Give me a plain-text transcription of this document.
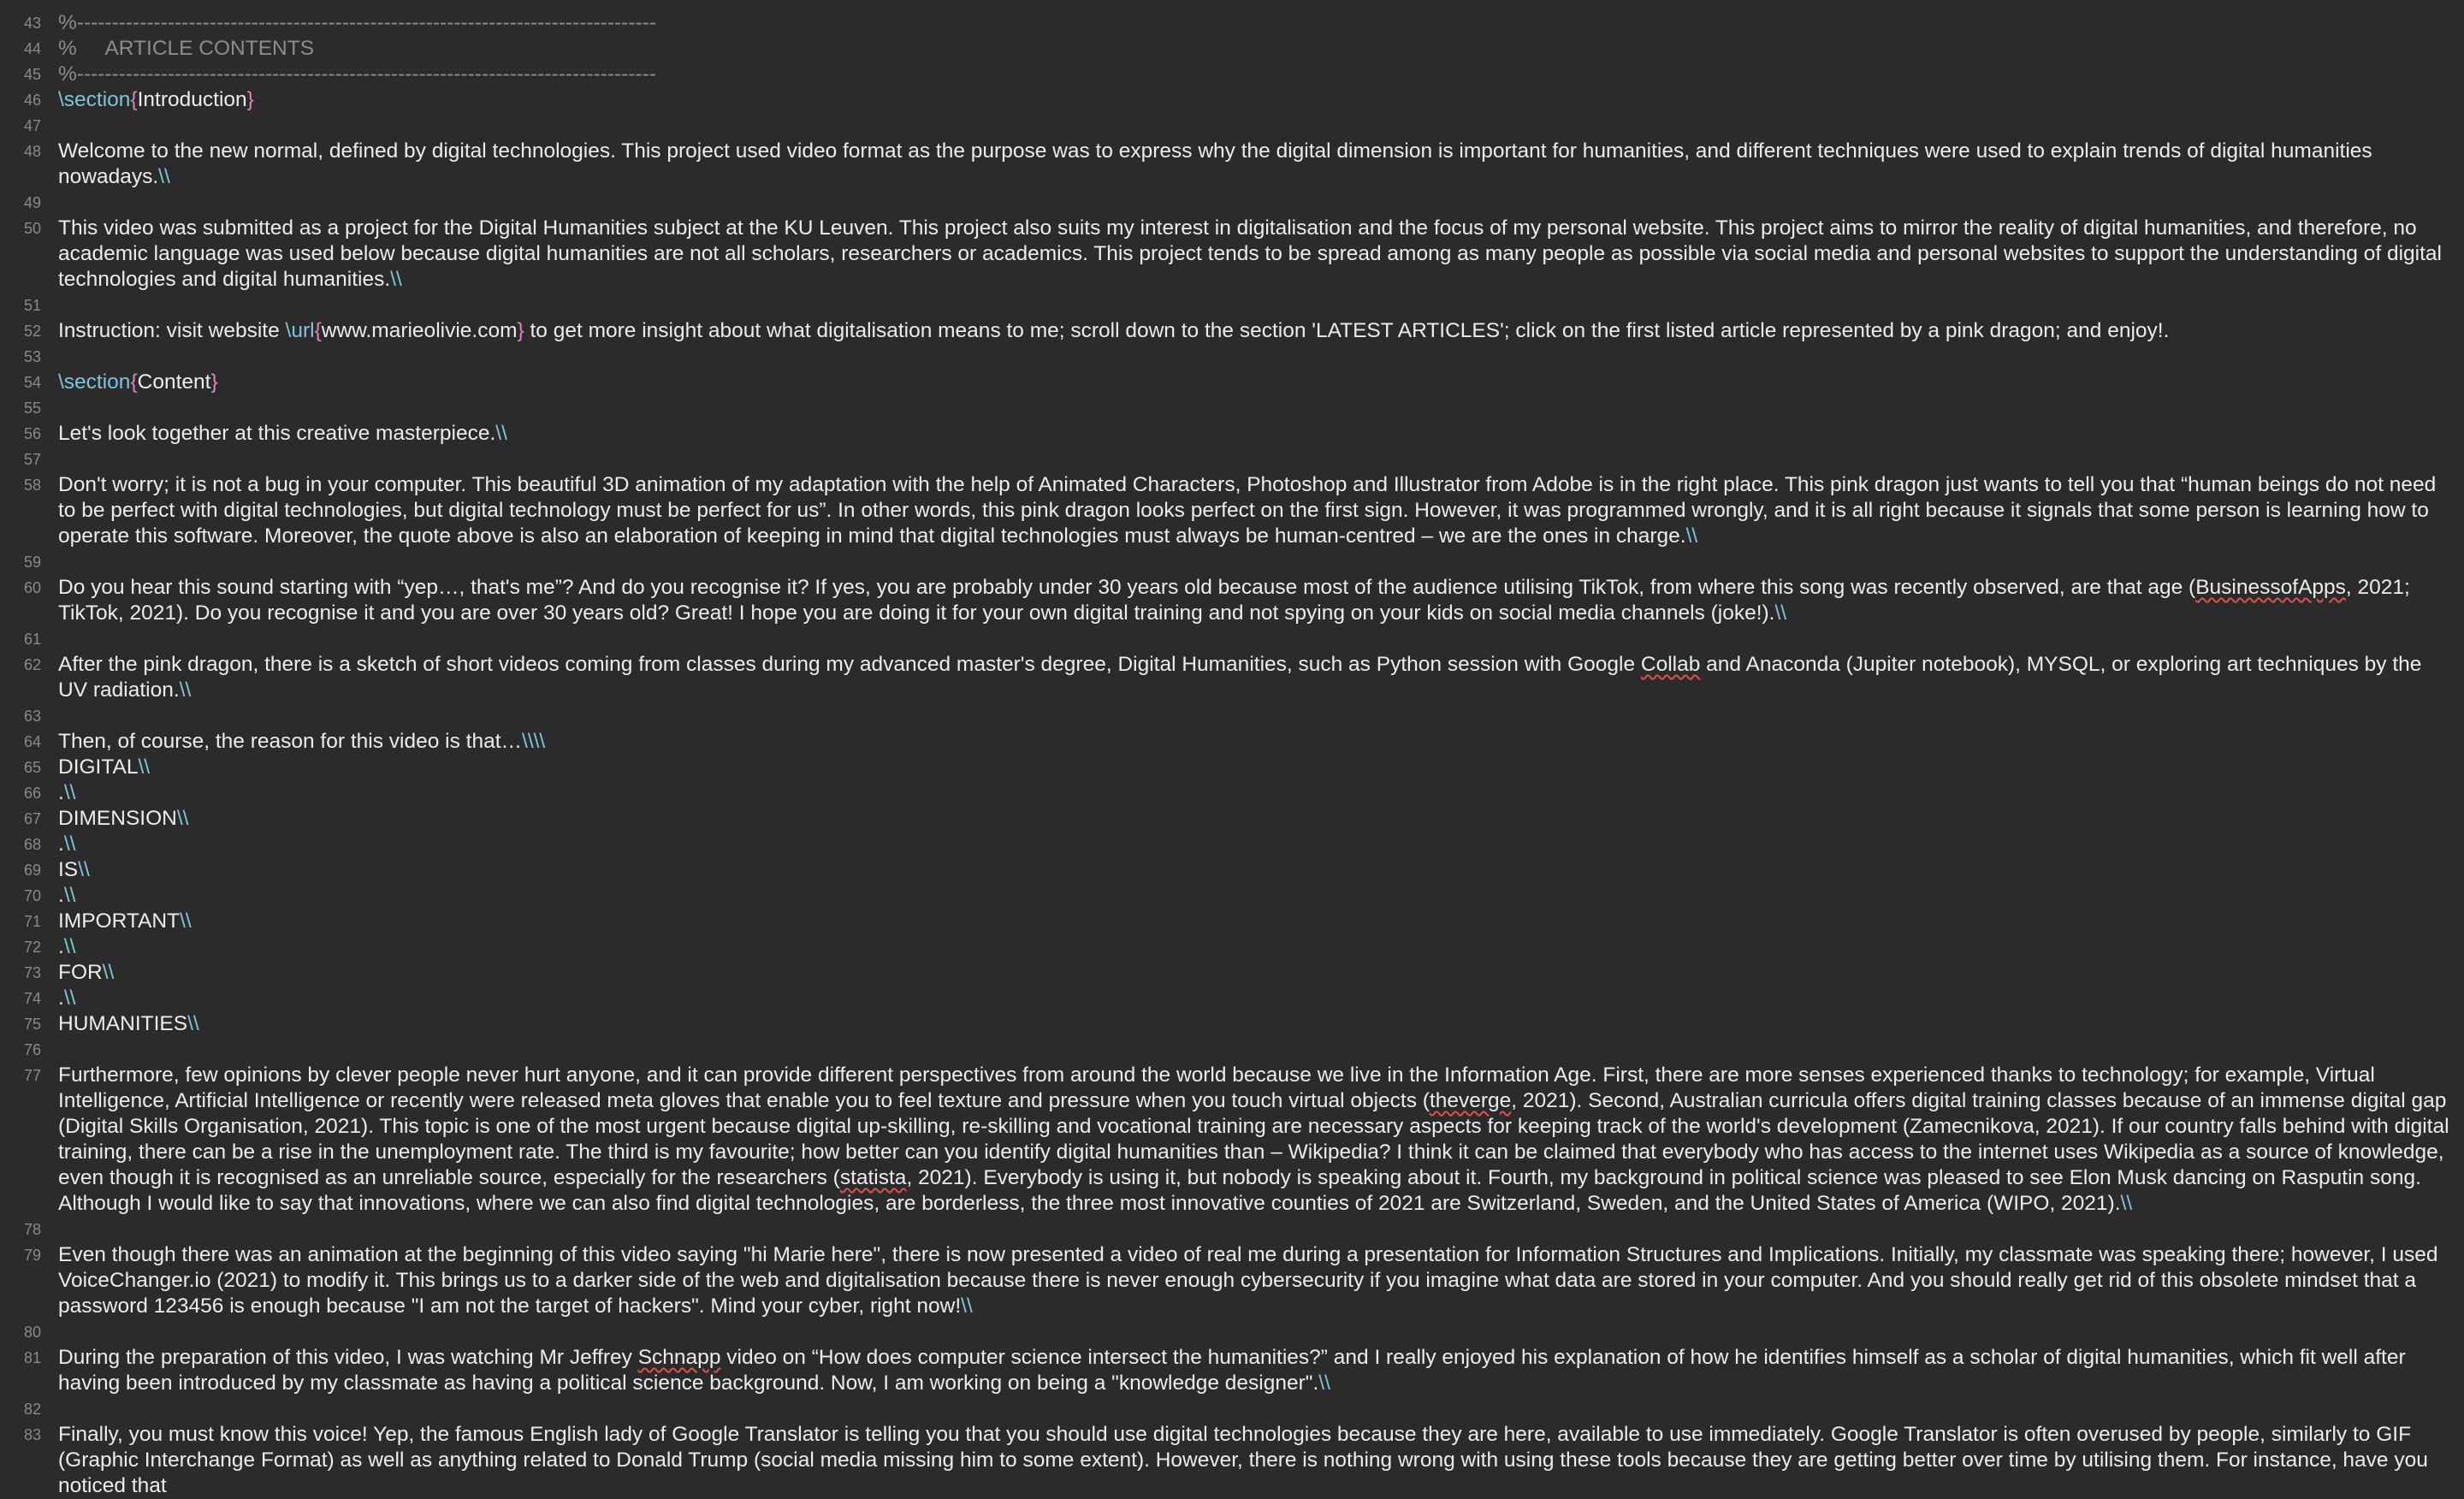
43 %-----------------------------------------------------------------------------------
44 %     ARTICLE CONTENTS
45 %-----------------------------------------------------------------------------------
46 \section{Introduction}
47
48 Welcome to the new normal, defined by digital technologies. This project used video format as the purpose was to express why the digital dimension is important for humanities, and different techniques were used to explain trends of digital humanities nowadays.\\
49
50 This video was submitted as a project for the Digital Humanities subject at the KU Leuven. This project also suits my interest in digitalisation and the focus of my personal website. This project aims to mirror the reality of digital humanities, and therefore, no academic language was used below because digital humanities are not all scholars, researchers or academics. This project tends to be spread among as many people as possible via social media and personal websites to support the understanding of digital technologies and digital humanities.\\
51
52 Instruction: visit website \url{www.marieolivie.com} to get more insight about what digitalisation means to me; scroll down to the section 'LATEST ARTICLES'; click on the first listed article represented by a pink dragon; and enjoy!.
53
54 \section{Content}
55
56 Let's look together at this creative masterpiece.\\
57
58 Don't worry; it is not a bug in your computer. This beautiful 3D animation of my adaptation with the help of Animated Characters, Photoshop and Illustrator from Adobe is in the right place. This pink dragon just wants to tell you that “human beings do not need to be perfect with digital technologies, but digital technology must be perfect for us”. In other words, this pink dragon looks perfect on the first sign. However, it was programmed wrongly, and it is all right because it signals that some person is learning how to operate this software. Moreover, the quote above is also an elaboration of keeping in mind that digital technologies must always be human-centred – we are the ones in charge.\\
59
60 Do you hear this sound starting with “yep…, that's me”? And do you recognise it? If yes, you are probably under 30 years old because most of the audience utilising TikTok, from where this song was recently observed, are that age (BusinessofApps, 2021; TikTok, 2021). Do you recognise it and you are over 30 years old? Great! I hope you are doing it for your own digital training and not spying on your kids on social media channels (joke!).\\
61
62 After the pink dragon, there is a sketch of short videos coming from classes during my advanced master's degree, Digital Humanities, such as Python session with Google Collab and Anaconda (Jupiter notebook), MYSQL, or exploring art techniques by the UV radiation.\\
63
64 Then, of course, the reason for this video is that…\\\\
65 DIGITAL\\
66 .\\
67 DIMENSION\\
68 .\\
69 IS\\
70 .\\
71 IMPORTANT\\
72 .\\
73 FOR\\
74 .\\
75 HUMANITIES\\
76
77 Furthermore, few opinions by clever people never hurt anyone, and it can provide different perspectives from around the world because we live in the Information Age. First, there are more senses experienced thanks to technology; for example, Virtual Intelligence, Artificial Intelligence or recently were released meta gloves that enable you to feel texture and pressure when you touch virtual objects (theverge, 2021). Second, Australian curricula offers digital training classes because of an immense digital gap (Digital Skills Organisation, 2021). This topic is one of the most urgent because digital up-skilling, re-skilling and vocational training are necessary aspects for keeping track of the world's development (Zamecnikova, 2021). If our country falls behind with digital training, there can be a rise in the unemployment rate. The third is my favourite; how better can you identify digital humanities than – Wikipedia? I think it can be claimed that everybody who has access to the internet uses Wikipedia as a source of knowledge, even though it is recognised as an unreliable source, especially for the researchers (statista, 2021). Everybody is using it, but nobody is speaking about it. Fourth, my background in political science was pleased to see Elon Musk dancing on Rasputin song. Although I would like to say that innovations, where we can also find digital technologies, are borderless, the three most innovative counties of 2021 are Switzerland, Sweden, and the United States of America (WIPO, 2021).\\
78
79 Even though there was an animation at the beginning of this video saying "hi Marie here", there is now presented a video of real me during a presentation for Information Structures and Implications. Initially, my classmate was speaking there; however, I used VoiceChanger.io (2021) to modify it. This brings us to a darker side of the web and digitalisation because there is never enough cybersecurity if you imagine what data are stored in your computer. And you should really get rid of this obsolete mindset that a password 123456 is enough because "I am not the target of hackers". Mind your cyber, right now!\\
80
81 During the preparation of this video, I was watching Mr Jeffrey Schnapp video on “How does computer science intersect the humanities?” and I really enjoyed his explanation of how he identifies himself as a scholar of digital humanities, which fit well after having been introduced by my classmate as having a political science background. Now, I am working on being a "knowledge designer".\\
82
83 Finally, you must know this voice! Yep, the famous English lady of Google Translator is telling you that you should use digital technologies because they are here, available to use immediately. Google Translator is often overused by people, similarly to GIF (Graphic Interchange Format) as well as anything related to Donald Trump (social media missing him to some extent). However, there is nothing wrong with using these tools because they are getting better over time by utilising them. For instance, have you noticed that
